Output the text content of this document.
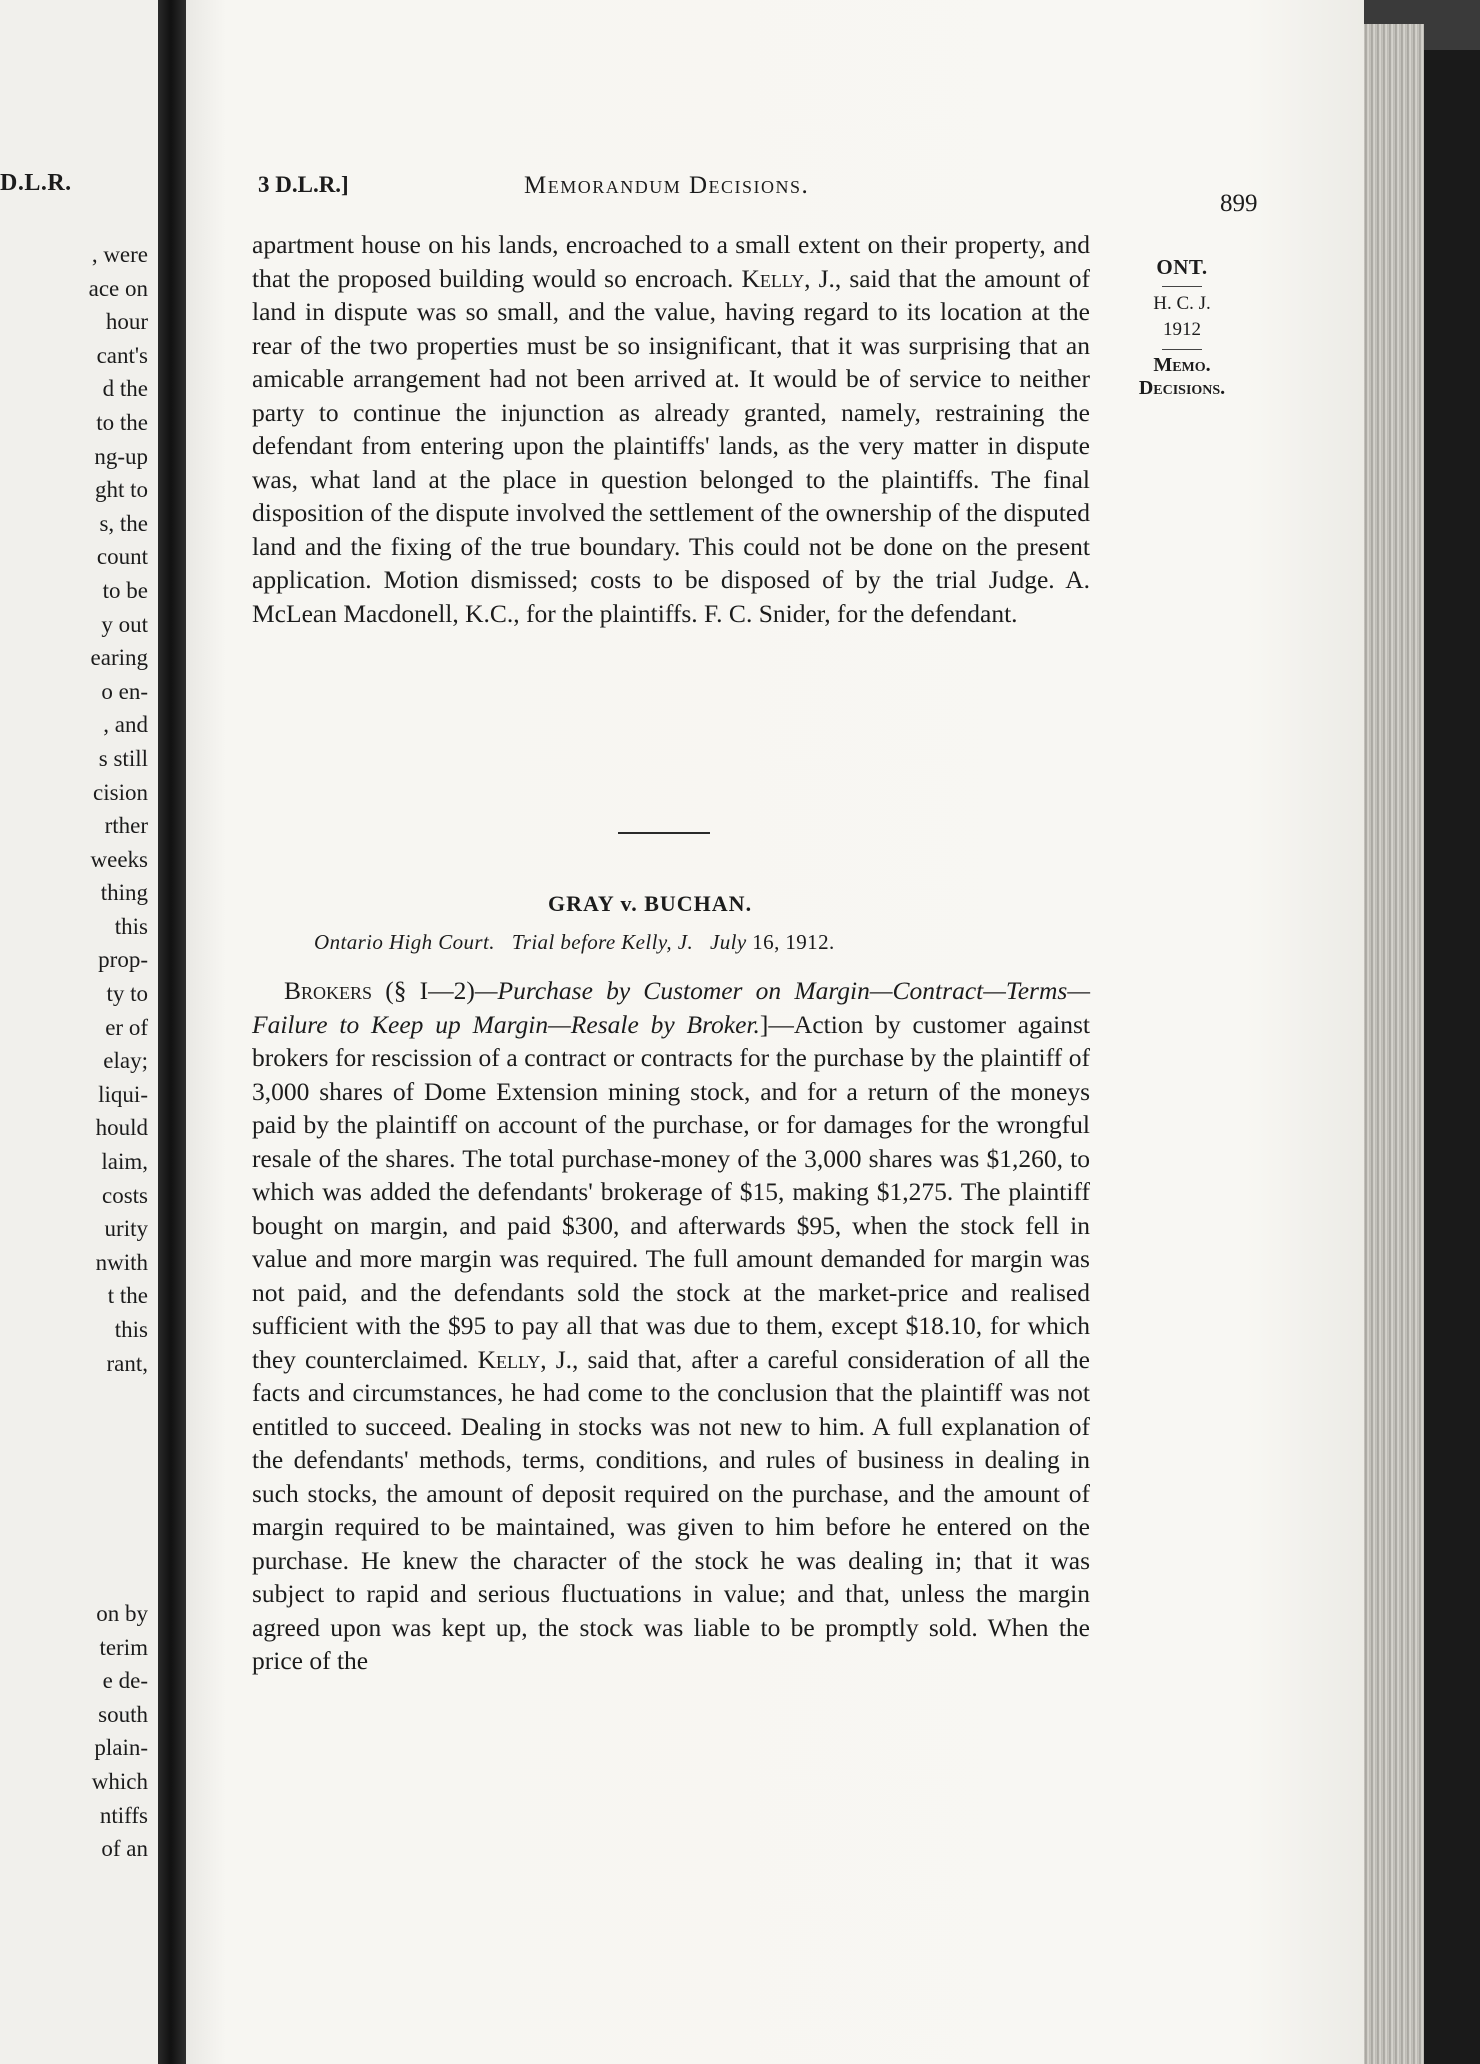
D.L.R.
, were
ace on
hour
cant's
d the
to the
ng-up
ght to
s, the
count
to be
y out
earing
o en-
, and
s still
cision
rther
weeks
thing
this
prop-
ty to
er of
elay;
liqui-
hould
laim,
costs
urity
nwith
t the
this
rant,
on by
terim
e de-
south
plain-
which
ntiffs
of an
3 D.L.R.]	Memorandum Decisions.
899
ONT.
H. C. J.
1912
Memo.
Decisions.

apartment house on his lands, encroached to a small extent on their property, and that the proposed building would so encroach. Kelly, J., said that the amount of land in dispute was so small, and the value, having regard to its location at the rear of the two properties must be so insignificant, that it was surprising that an amicable arrangement had not been arrived at. It would be of service to neither party to continue the injunction as already granted, namely, restraining the defendant from entering upon the plaintiffs' lands, as the very matter in dispute was, what land at the place in question belonged to the plaintiffs. The final disposition of the dispute involved the settlement of the ownership of the disputed land and the fixing of the true boundary. This could not be done on the present application. Motion dismissed; costs to be disposed of by the trial Judge. A. McLean Macdonell, K.C., for the plaintiffs. F. C. Snider, for the defendant.

GRAY v. BUCHAN.
Ontario High Court. Trial before Kelly, J. July 16, 1912.

Brokers (§ I—2)—Purchase by Customer on Margin—Contract—Terms—Failure to Keep up Margin—Resale by Broker.]—Action by customer against brokers for rescission of a contract or contracts for the purchase by the plaintiff of 3,000 shares of Dome Extension mining stock, and for a return of the moneys paid by the plaintiff on account of the purchase, or for damages for the wrongful resale of the shares. The total purchase-money of the 3,000 shares was $1,260, to which was added the defendants' brokerage of $15, making $1,275. The plaintiff bought on margin, and paid $300, and afterwards $95, when the stock fell in value and more margin was required. The full amount demanded for margin was not paid, and the defendants sold the stock at the market-price and realised sufficient with the $95 to pay all that was due to them, except $18.10, for which they counterclaimed. Kelly, J., said that, after a careful consideration of all the facts and circumstances, he had come to the conclusion that the plaintiff was not entitled to succeed. Dealing in stocks was not new to him. A full explanation of the defendants' methods, terms, conditions, and rules of business in dealing in such stocks, the amount of deposit required on the purchase, and the amount of margin required to be maintained, was given to him before he entered on the purchase. He knew the character of the stock he was dealing in; that it was subject to rapid and serious fluctuations in value; and that, unless the margin agreed upon was kept up, the stock was liable to be promptly sold. When the price of the
